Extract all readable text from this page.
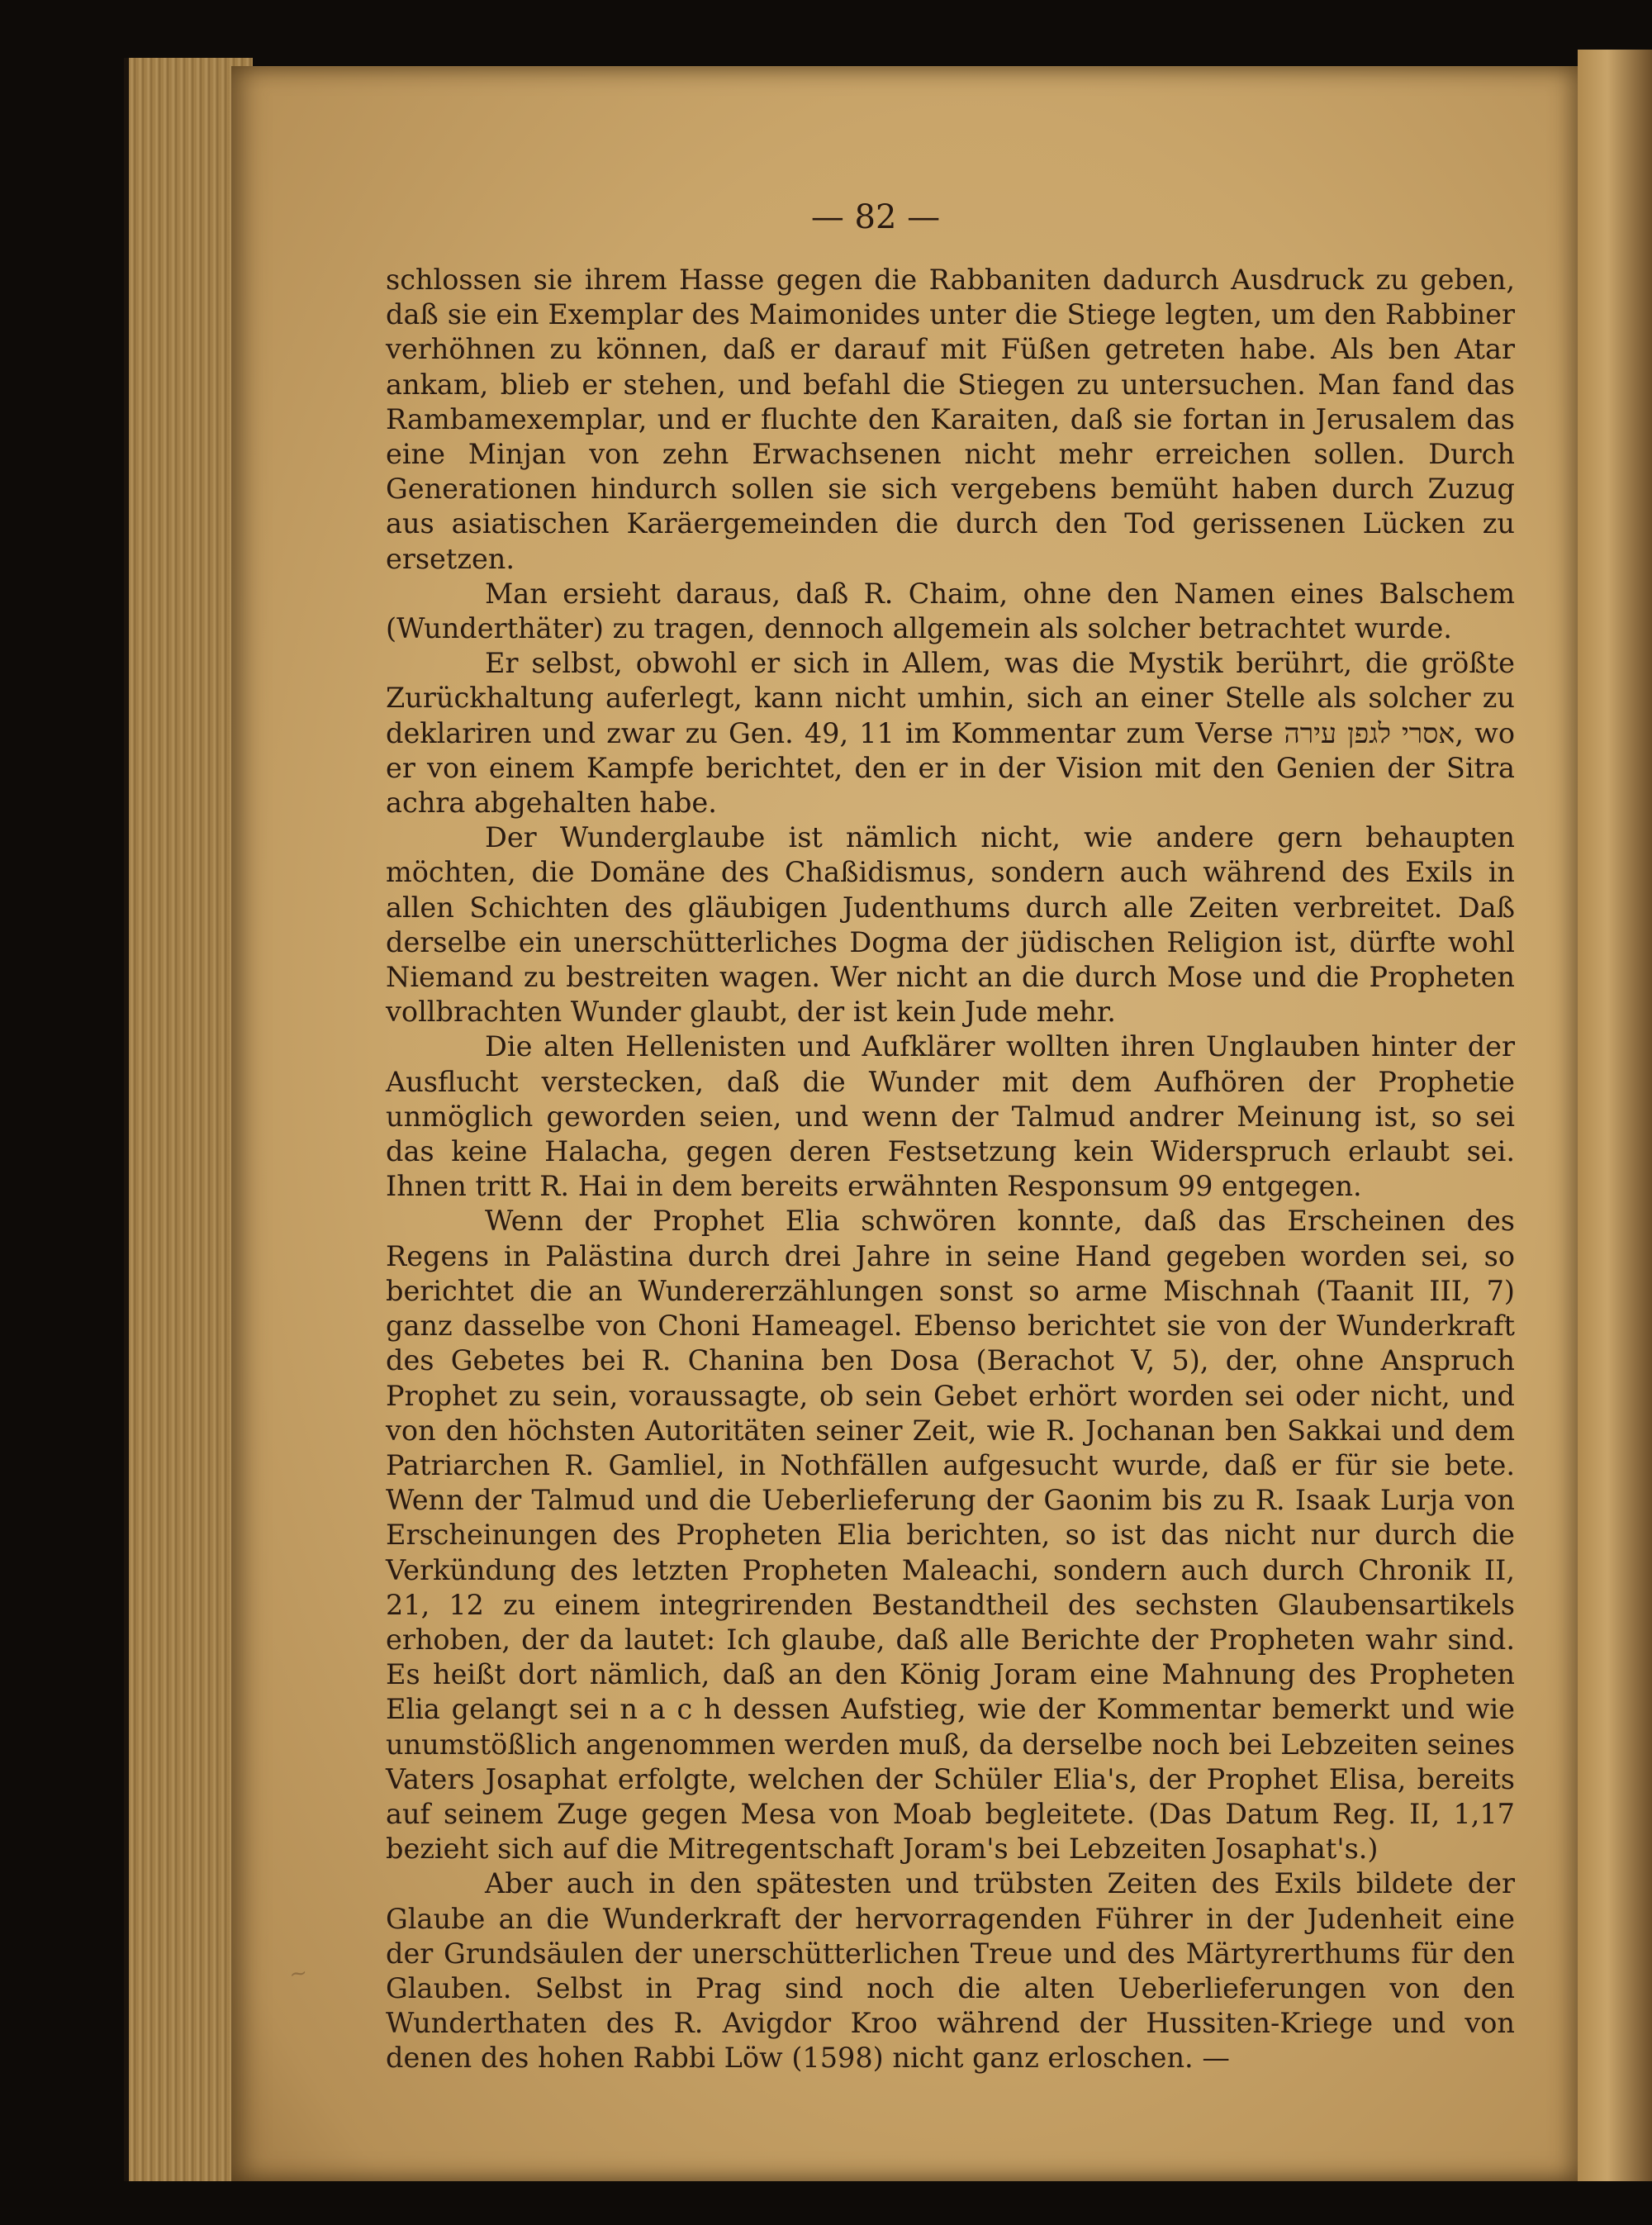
— 82 —

schlossen sie ihrem Hasse gegen die Rabbaniten dadurch Ausdruck zu geben, daß sie ein Exemplar des Maimonides unter die Stiege legten, um den Rabbiner verhöhnen zu können, daß er darauf mit Füßen getreten habe. Als ben Atar ankam, blieb er stehen, und befahl die Stiegen zu untersuchen. Man fand das Rambamexemplar, und er fluchte den Karaiten, daß sie fortan in Jerusalem das eine Minjan von zehn Erwachsenen nicht mehr erreichen sollen. Durch Generationen hindurch sollen sie sich vergebens bemüht haben durch Zuzug aus asiatischen Karäergemeinden die durch den Tod gerissenen Lücken zu ersetzen.

Man ersieht daraus, daß R. Chaim, ohne den Namen eines Balschem (Wunderthäter) zu tragen, dennoch allgemein als solcher betrachtet wurde.

Er selbst, obwohl er sich in Allem, was die Mystik berührt, die größte Zurückhaltung auferlegt, kann nicht umhin, sich an einer Stelle als solcher zu deklariren und zwar zu Gen. 49, 11 im Kommentar zum Verse אסרי לגפן עירה, wo er von einem Kampfe berichtet, den er in der Vision mit den Genien der Sitra achra abgehalten habe.

Der Wunderglaube ist nämlich nicht, wie andere gern behaupten möchten, die Domäne des Chaßidismus, sondern auch während des Exils in allen Schichten des gläubigen Judenthums durch alle Zeiten verbreitet. Daß derselbe ein unerschütterliches Dogma der jüdischen Religion ist, dürfte wohl Niemand zu bestreiten wagen. Wer nicht an die durch Mose und die Propheten vollbrachten Wunder glaubt, der ist kein Jude mehr.

Die alten Hellenisten und Aufklärer wollten ihren Unglauben hinter der Ausflucht verstecken, daß die Wunder mit dem Aufhören der Prophetie unmöglich geworden seien, und wenn der Talmud andrer Meinung ist, so sei das keine Halacha, gegen deren Festsetzung kein Widerspruch erlaubt sei. Ihnen tritt R. Hai in dem bereits erwähnten Responsum 99 entgegen.

Wenn der Prophet Elia schwören konnte, daß das Erscheinen des Regens in Palästina durch drei Jahre in seine Hand gegeben worden sei, so berichtet die an Wundererzählungen sonst so arme Mischnah (Taanit III, 7) ganz dasselbe von Choni Hameagel. Ebenso berichtet sie von der Wunderkraft des Gebetes bei R. Chanina ben Dosa (Berachot V, 5), der, ohne Anspruch Prophet zu sein, voraussagte, ob sein Gebet erhört worden sei oder nicht, und von den höchsten Autoritäten seiner Zeit, wie R. Jochanan ben Sakkai und dem Patriarchen R. Gamliel, in Nothfällen aufgesucht wurde, daß er für sie bete. Wenn der Talmud und die Ueberlieferung der Gaonim bis zu R. Isaak Lurja von Erscheinungen des Propheten Elia berichten, so ist das nicht nur durch die Verkündung des letzten Propheten Maleachi, sondern auch durch Chronik II, 21, 12 zu einem integrirenden Bestandtheil des sechsten Glaubensartikels erhoben, der da lautet: Ich glaube, daß alle Berichte der Propheten wahr sind. Es heißt dort nämlich, daß an den König Joram eine Mahnung des Propheten Elia gelangt sei n a c h dessen Aufstieg, wie der Kommentar bemerkt und wie unumstößlich angenommen werden muß, da derselbe noch bei Lebzeiten seines Vaters Josaphat erfolgte, welchen der Schüler Elia's, der Prophet Elisa, bereits auf seinem Zuge gegen Mesa von Moab begleitete. (Das Datum Reg. II, 1,17 bezieht sich auf die Mitregentschaft Joram's bei Lebzeiten Josaphat's.)

Aber auch in den spätesten und trübsten Zeiten des Exils bildete der Glaube an die Wunderkraft der hervorragenden Führer in der Judenheit eine der Grundsäulen der unerschütterlichen Treue und des Märtyrerthums für den Glauben. Selbst in Prag sind noch die alten Ueberlieferungen von den Wunderthaten des R. Avigdor Kroo während der Hussiten-Kriege und von denen des hohen Rabbi Löw (1598) nicht ganz erloschen. —

~
